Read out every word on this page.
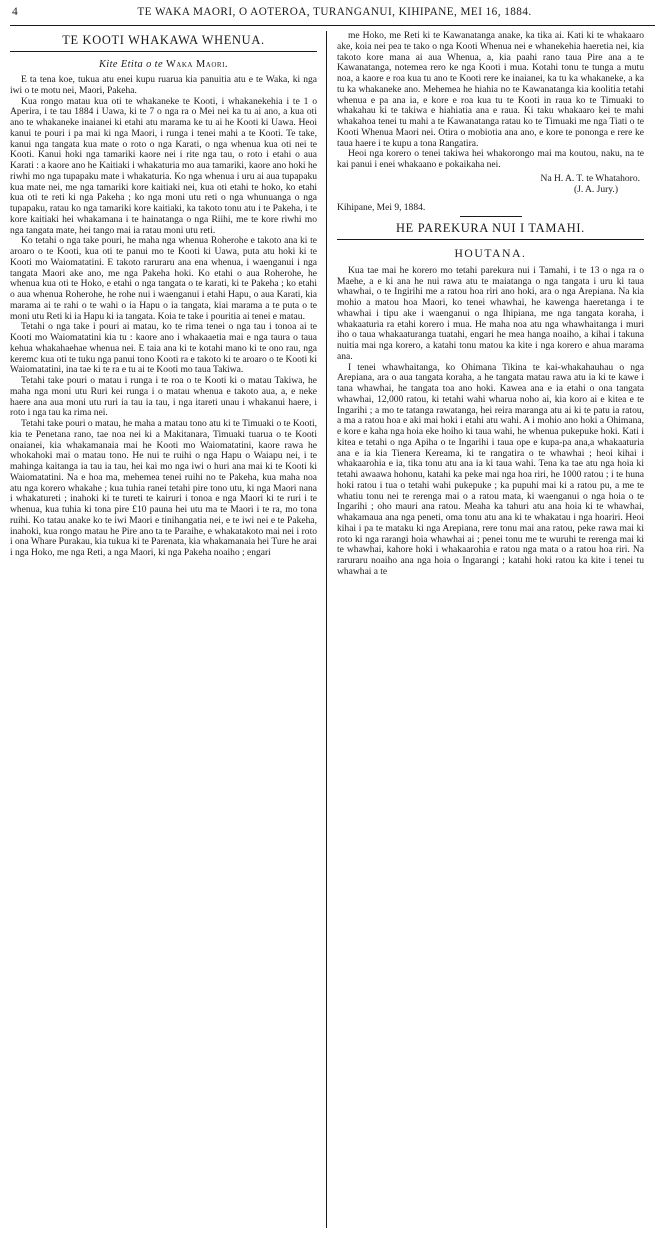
4	TE WAKA MAORI, O AOTEROA, TURANGANUI, KIHIPANE, MEI 16, 1884.
TE KOOTI WHAKAWA WHENUA.
Kite Etita o te Waka Maori.

E ta tena koe, tukua atu enei kupu ruarua kia panuitia atu e te Waka, ki nga iwi o te motu nei, Maori, Pakeha.

Kua rongo matau kua oti te whakaneke te Kooti, i whakanekehia i te 1 o Aperira, i te tau 1884 i Uawa, ki te 7 o nga ra o Mei nei ka tu ai ano, a kua oti ano te whakaneke inaianei ki etahi atu marama ke tu ai he Kooti ki Uawa. Heoi kanui te pouri i pa mai ki nga Maori, i runga i tenei mahi a te Kooti. Te take, kanui nga tangata kua mate o roto o nga Karati, o nga whenua kua oti nei te Kooti. Kanui hoki nga tamariki kaore nei i rite nga tau, o roto i etahi o aua Karati : a kaore ano he Kaitiaki i whakaturia mo aua tamariki, kaore ano hoki he riwhi mo nga tupapaku mate i whakaturia. Ko nga whenua i uru ai aua tupapaku kua mate nei, me nga tamariki kore kaitiaki nei, kua oti etahi te hoko, ko etahi kua oti te reti ki nga Pakeha ; ko nga moni utu reti o nga whunuanga o nga tupapaku, ratau ko nga tamariki kore kaitiaki, ka takoto tonu atu i te Pakeha, i te kore kaitiaki hei whakamana i te hainatanga o nga Riihi, me te kore riwhi mo nga tangata mate, hei tango mai ia ratau moni utu reti.

Ko tetahi o nga take pouri, he maha nga whenua Roherohe e takoto ana ki te aroaro o te Kooti, kua oti te panui mo te Kooti ki Uawa, puta atu hoki ki te Kooti mo Waiomatatini. E takoto raruraru ana ena whenua, i waenganui i nga tangata Maori ake ano, me nga Pakeha hoki. Ko etahi o aua Roherohe, he whenua kua oti te Hoko, e etahi o nga tangata o te karati, ki te Pakeha ; ko etahi o aua whenua Roherohe, he rohe nui i waenganui i etahi Hapu, o aua Karati, kia marama ai te rahi o te wahi o ia Hapu o ia tangata, kiai marama a te puta o te moni utu Reti ki ia Hapu ki ia tangata. Koia te take i pouritia ai tenei e matau.

Tetahi o nga take i pouri ai matau, ko te rima tenei o nga tau i tonoa ai te Kooti mo Waiomatatini kia tu : kaore ano i whakaaetia mai e nga taura o taua kehua whakahaehae whenua nei. E taia ana ki te kotahi mano ki te ono rau, nga keremc kua oti te tuku nga panui tono Kooti ra e takoto ki te aroaro o te Kooti ki Waiomatatini, ina tae ki te ra e tu ai te Kooti mo taua Takiwa.

Tetahi take pouri o matau i runga i te roa o te Kooti ki o matau Takiwa, he maha nga moni utu Ruri kei runga i o matau whenua e takoto aua, a, e neke haere ana aua moni utu ruri ia tau ia tau, i nga itareti unau i whakanui haere, i roto i nga tau ka rima nei.

Tetahi take pouri o matau, he maha a matau tono atu ki te Timuaki o te Kooti, kia te Penetana rano, tae noa nei ki a Makitanara, Timuaki tuarua o te Kooti onaianei, kia whakamanaia mai he Kooti mo Waiomatatini, kaore rawa he whokahoki mai o matau tono. He nui te ruihi o nga Hapu o Waiapu nei, i te mahinga kaitanga ia tau ia tau, hei kai mo nga iwi o huri ana mai ki te Kooti ki Waiomatatini. Na e hoa ma, mehemea tenei ruihi no te Pakeha, kua maha noa atu nga korero whakahe ; kua tuhia ranei tetahi pire tono utu, ki nga Maori nana i whakatureti ; inahoki ki te tureti te kairuri i tonoa e nga Maori ki te ruri i te whenua, kua tuhia ki tona pire £10 pauna hei utu ma te Maori i te ra, mo tona ruihi. Ko tatau anake ko te iwi Maori e tinihangatia nei, e te iwi nei e te Pakeha, inahoki, kua rongo matau he Pire ano ta te Paraihe, e whakatakoto mai nei i roto i ona Whare Purakau, kia tukua ki te Parenata, kia whakamanaia hei Ture he arai i nga Hoko, me nga Reti, a nga Maori, ki nga Pakeha noaiho ; engari

me Hoko, me Reti ki te Kawanatanga anake, ka tika ai. Kati ki te whakaaro ake, koia nei pea te tako o nga Kooti Whenua nei e whanekehia haeretia nei, kia takoto kore mana ai aua Whenua, a, kia paahi rano taua Pire ana a te Kawanatanga, notemea rero ke nga Kooti i mua. Kotahi tonu te tunga a mutu noa, a kaore e roa kua tu ano te Kooti rere ke inaianei, ka tu ka whakaneke, a ka tu ka whakaneke ano. Mehemea he hiahia no te Kawanatanga kia koolitia tetahi whenua e pa ana ia, e kore e roa kua tu te Kooti in raua ko te Timuaki to whakahau ki te takiwa e hiahiatia ana e raua. Ki taku whakaaro kei te mahi whakahoa tenei tu mahi a te Kawanatanga ratau ko te Timuaki me nga Tiati o te Kooti Whenua Maori nei. Otira o mobiotia ana ano, e kore te pononga e rere ke taua haere i te kupu a tona Rangatira.

Heoi nga korero o tenei takiwa hei whakorongo mai ma koutou, naku, na te kai panui i enei whakaano e pokaikaha nei.

Na H. A. T. te Whatahoro.

(J. A. Jury.)

Kihipane, Mei 9, 1884.

HE PAREKURA NUI I TAMAHI.
HOUTANA.

Kua tae mai he korero mo tetahi parekura nui i Tamahi, i te 13 o nga ra o Maehe, a e ki ana he nui rawa atu te maiatanga o nga tangata i uru ki taua whawhai, o te Ingirihi me a ratou hoa riri ano hoki, ara o nga Arepiana. Na kia mohio a matou hoa Maori, ko tenei whawhai, he kawenga haeretanga i te whawhai i tipu ake i waenganui o nga Ihipiana, me nga tangata koraha, i whakaaturia ra etahi korero i mua. He maha noa atu nga whawhaitanga i muri iho o taua whakaaturanga tuatahi, engari he mea hanga noaiho, a kihai i takuna nuitia mai nga korero, a katahi tonu matou ka kite i nga korero e ahua marama ana.

I tenei whawhaitanga, ko Ohimana Tikina te kai-whakahauhau o nga Arepiana, ara o aua tangata koraha, a he tangata matau rawa atu ia ki te kawe i tana whawhai, he tangata toa ano hoki. Kawea ana e ia etahi o ona tangata whawhai, 12,000 ratou, ki tetahi wahi wharua noho ai, kia koro ai e kitea e te Ingarihi ; a mo te tatanga rawatanga, hei reira maranga atu ai ki te patu ia ratou, a ma a ratou hoa e aki mai hoki i etahi atu wahi. A i mohio ano hoki a Ohimana, e kore e kaha nga hoia eke hoiho ki taua wahi, he whenua pukepuke hoki. Kati i kitea e tetahi o nga Apiha o te Ingarihi i taua ope e kupa-pa ana,a whakaaturia ana e ia kia Tienera Kereama, ki te rangatira o te whawhai ; heoi kihai i whakaarohia e ia, tika tonu atu ana ia ki taua wahi. Tena ka tae atu nga hoia ki tetahi awaawa hohonu, katahi ka peke mai nga hoa riri, he 1000 ratou ; i te huna hoki ratou i tua o tetahi wahi pukepuke ; ka pupuhi mai ki a ratou pu, a me te whatiu tonu nei te rerenga mai o a ratou mata, ki waenganui o nga hoia o te Ingarihi ; oho mauri ana ratou. Meaha ka tahuri atu ana hoia ki te whawhai, whakamaua ana nga peneti, oma tonu atu ana ki te whakatau i nga hoariri. Heoi kihai i pa te mataku ki nga Arepiana, rere tonu mai ana ratou, peke rawa mai ki roto ki nga rarangi hoia whawhai ai ; penei tonu me te wuruhi te rerenga mai ki te whawhai, kahore hoki i whakaarohia e ratou nga mata o a ratou hoa riri. Na raruraru noaiho ana nga hoia o Ingarangi ; katahi hoki ratou ka kite i tenei tu whawhai a te
